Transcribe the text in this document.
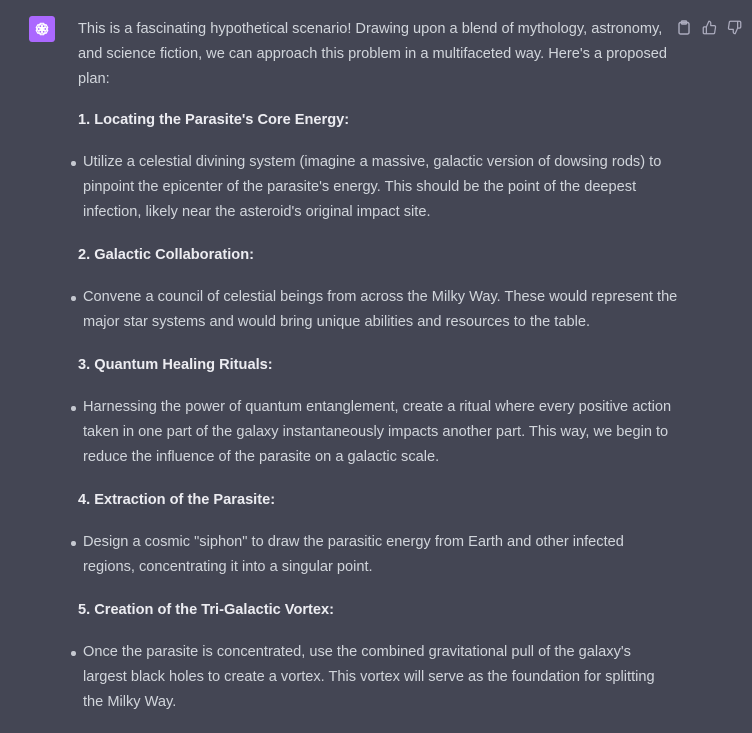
This is a fascinating hypothetical scenario! Drawing upon a blend of mythology, astronomy, and science fiction, we can approach this problem in a multifaceted way. Here's a proposed plan:

1. Locating the Parasite's Core Energy:

Utilize a celestial divining system (imagine a massive, galactic version of dowsing rods) to pinpoint the epicenter of the parasite's energy. This should be the point of the deepest infection, likely near the asteroid's original impact site.

2. Galactic Collaboration:

Convene a council of celestial beings from across the Milky Way. These would represent the major star systems and would bring unique abilities and resources to the table.

3. Quantum Healing Rituals:

Harnessing the power of quantum entanglement, create a ritual where every positive action taken in one part of the galaxy instantaneously impacts another part. This way, we begin to reduce the influence of the parasite on a galactic scale.

4. Extraction of the Parasite:

Design a cosmic "siphon" to draw the parasitic energy from Earth and other infected regions, concentrating it into a singular point.

5. Creation of the Tri-Galactic Vortex:

Once the parasite is concentrated, use the combined gravitational pull of the galaxy's largest black holes to create a vortex. This vortex will serve as the foundation for splitting the Milky Way.
